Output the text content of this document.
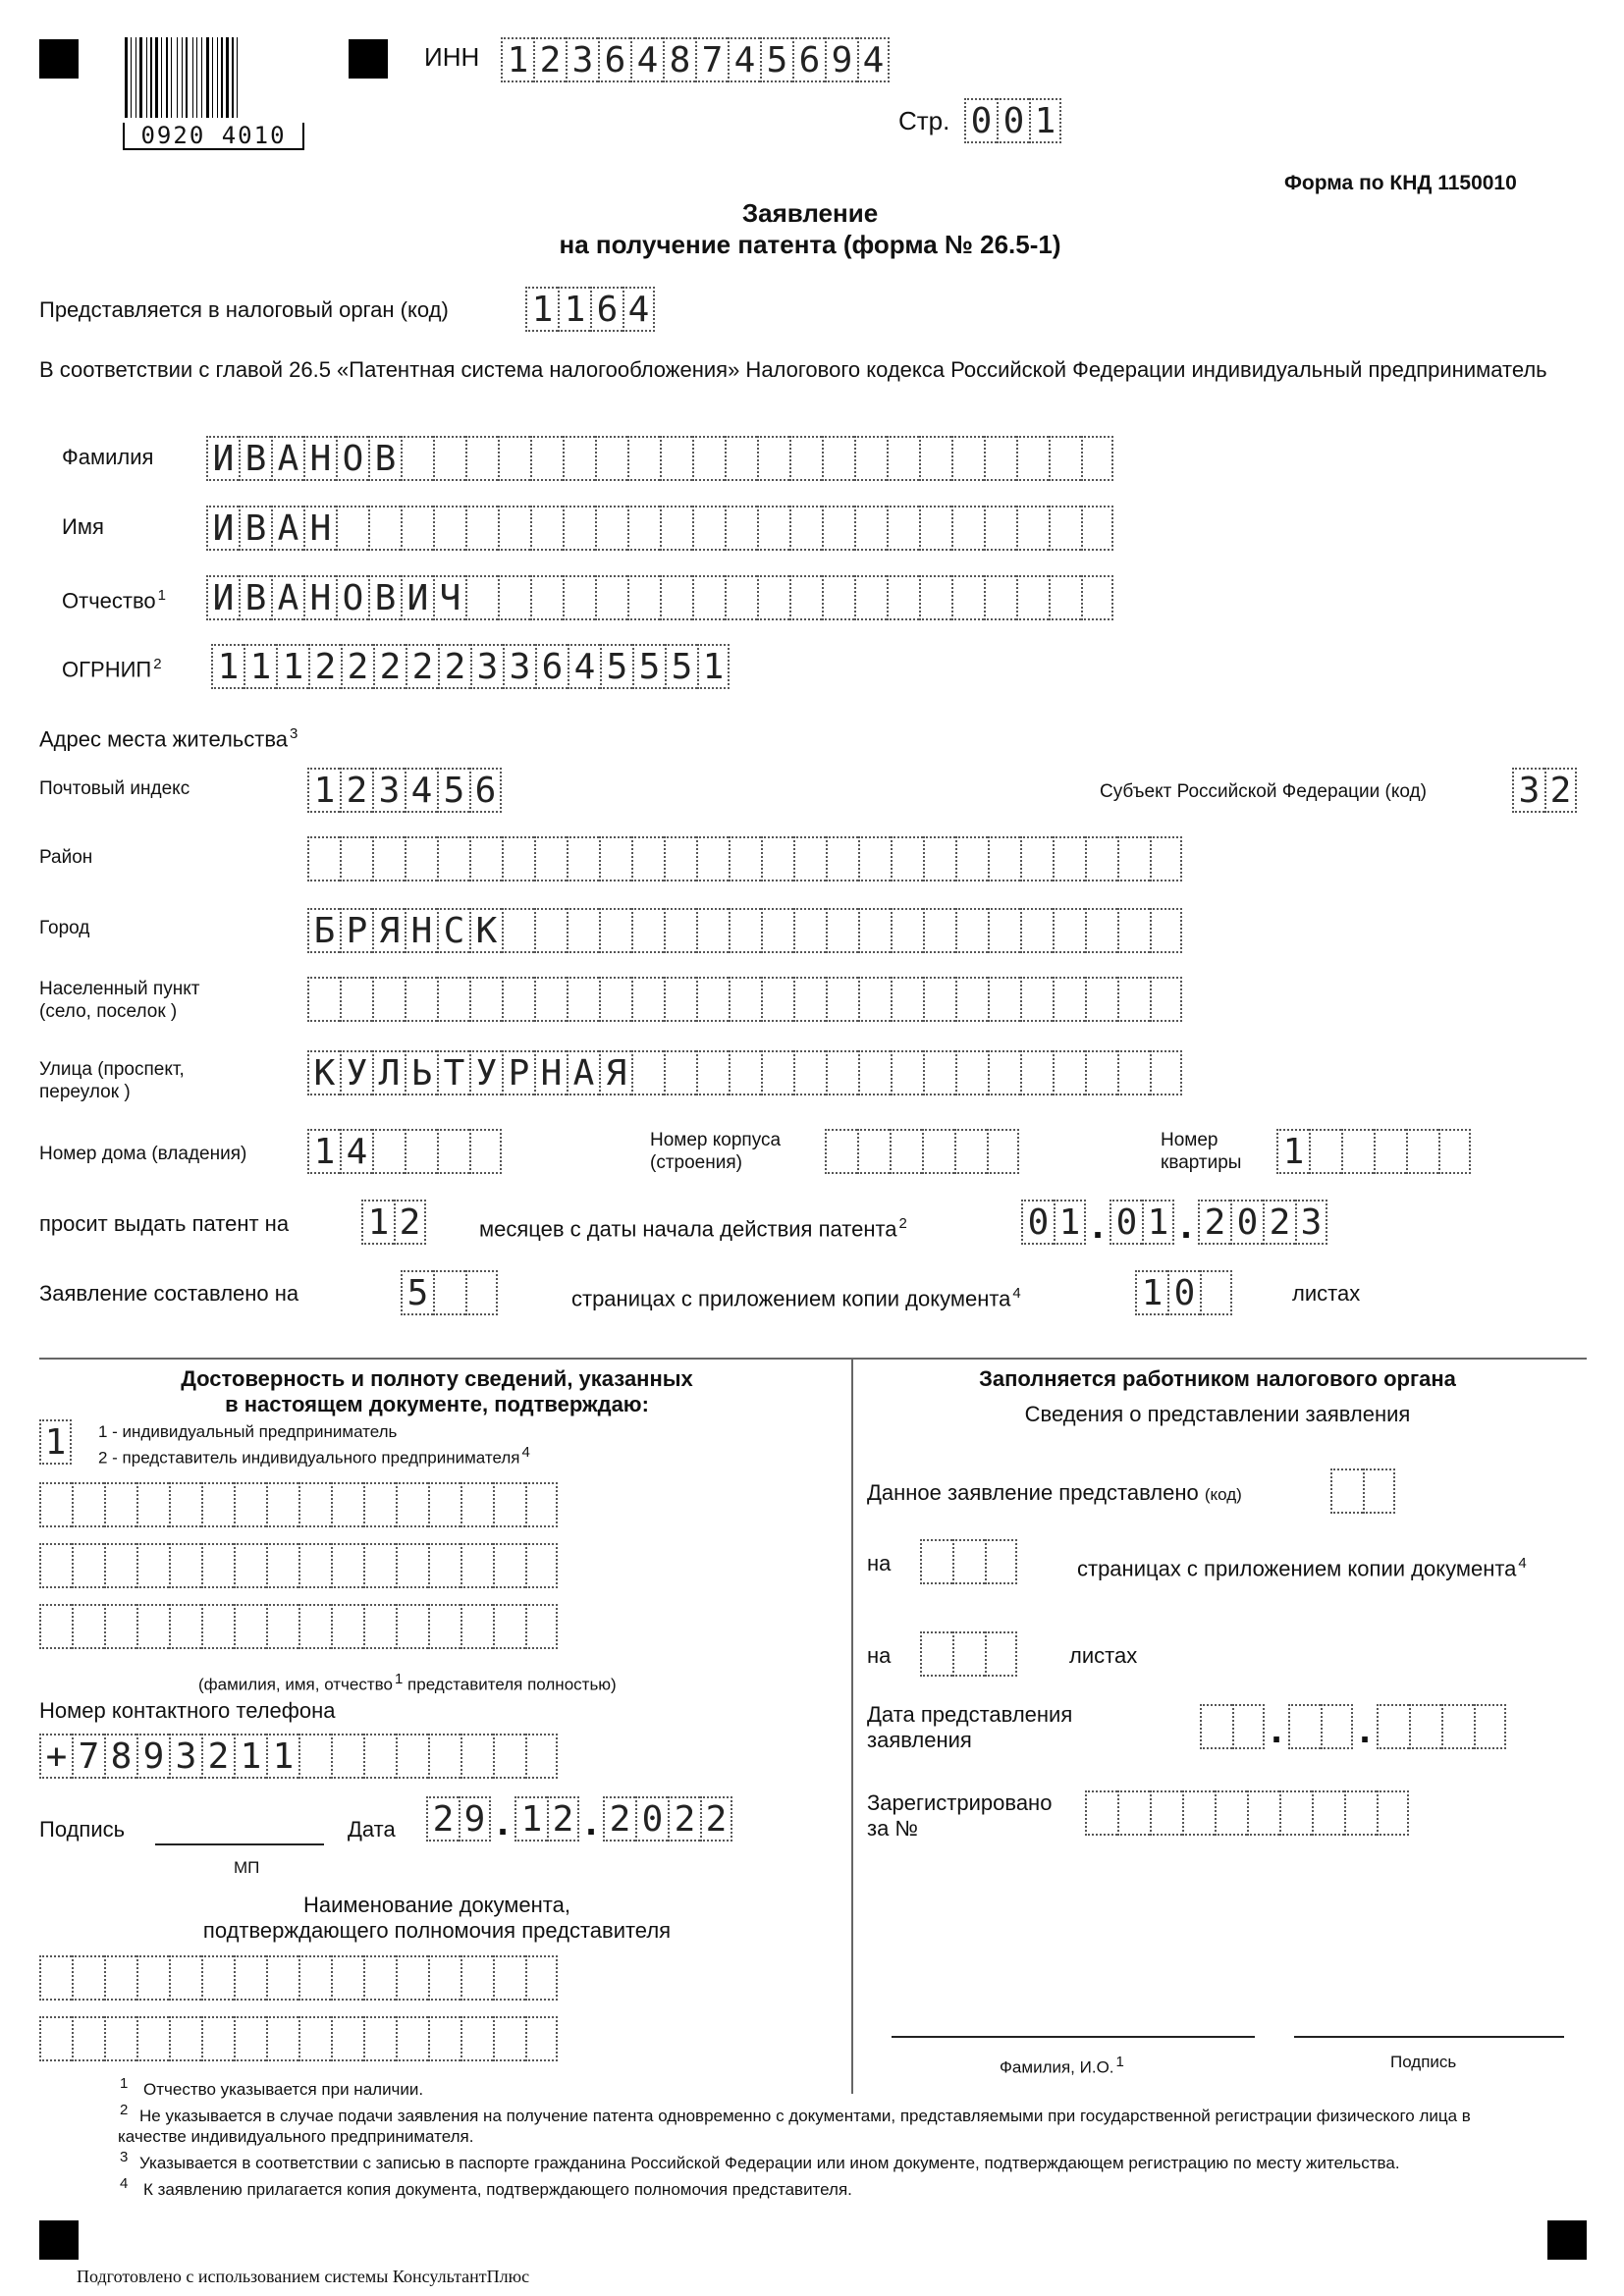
0920 4010
ИНН 1 2 3 6 4 8 7 4 5 6 9 4
Стр. 0 0 1
Форма по КНД 1150010
Заявление
на получение патента (форма № 26.5-1)
Представляется в налоговый орган (код) 1 1 6 4
В соответствии с главой 26.5 «Патентная система налогообложения» Налогового кодекса Российской Федерации индивидуальный предприниматель
Фамилия И В А Н О В
Имя	И В А Н
Отчество $^1$ И В А Н О В И Ч
ОГРНИП $^2$ 1 1 1 2 2 2 2 2 3 3 6 4 5 5 5 1
Адрес места жительства $^3$
Почтовый индекс	1 2 3 4 5 6	Субъект Российской Федерации (код)	3 2
Район
Город	Б Р Я Н С К
Населенный пункт
(село, поселок )
Улица (проспект,
переулок )	К У Л Ь Т У Р Н А Я
Номер дома (владения) 1 4	Номер корпуса
(строения)
Номер
квартиры 1
просит выдать патент на 1 2	месяцев с даты начала действия патента $^2$	0 1 . 0 1 . 2 0 2 3
Заявление составлено на	5	страницах с приложением копии документа $^4$	1 0	листах
Достоверность и полноту сведений, указанных
в настоящем документе, подтверждаю:
1	1 - индивидуальный предприниматель
2 - представитель индивидуального предпринимателя 4
(фамилия, имя, отчество 1 представителя полностью)
Номер контактного телефона
+ 7 8 9 3 2 1 1
Подпись
МП
Дата 2 9 . 1 2 . 2 0 2 2
Наименование документа,
подтверждающего полномочия представителя
Заполняется работником налогового органа
Сведения о представлении заявления
Данное заявление представлено (код)
на	страницах с приложением копии документа $^4$
на	листах
Дата представления
заявления	. .
Зарегистрировано
за №
Фамилия, И.О. 1	Подпись
1 Отчество указывается при наличии.
2 Не указывается в случае подачи заявления на получение патента одновременно с документами, представляемыми при государственной регистрации физического лица в качестве индивидуального предпринимателя.
3 Указывается в соответствии с записью в паспорте гражданина Российской Федерации или ином документе, подтверждающем регистрацию по месту жительства.
4 К заявлению прилагается копия документа, подтверждающего полномочия представителя.
Подготовлено с использованием системы КонсультантПлюс
